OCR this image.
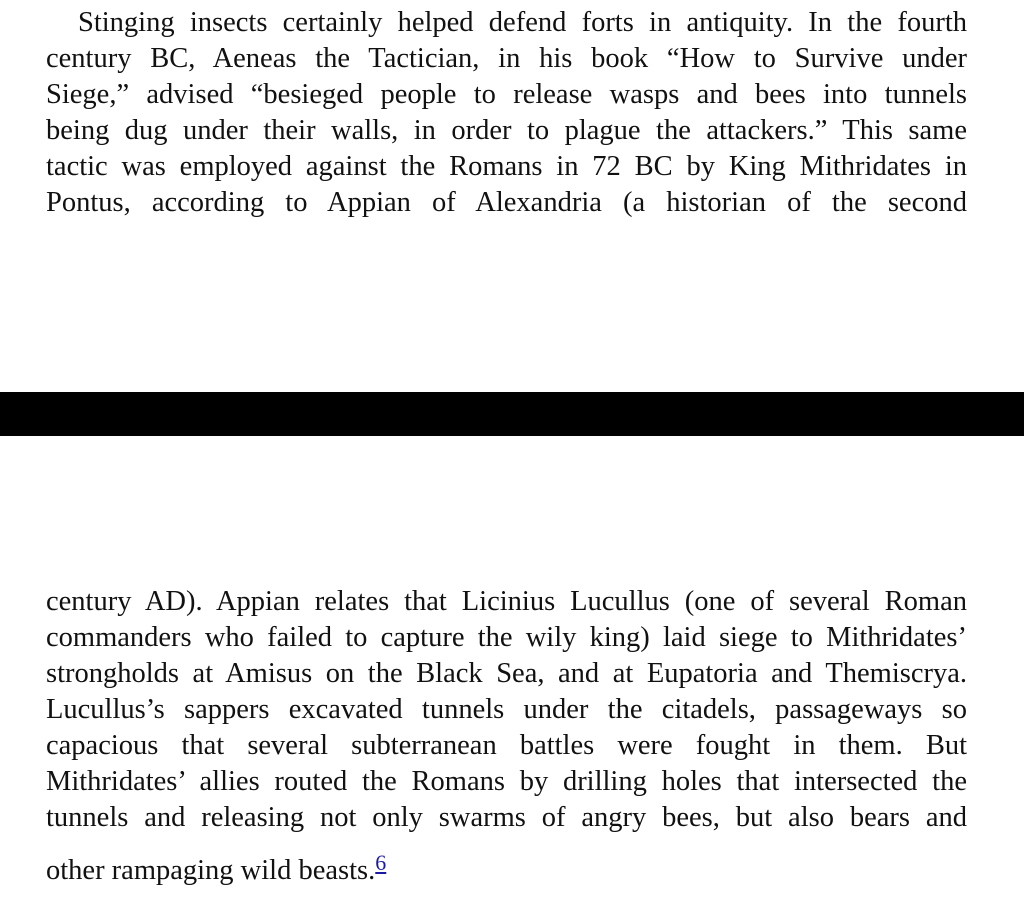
Stinging insects certainly helped defend forts in antiquity. In the fourth
century BC, Aeneas the Tactician, in his book “How to Survive under
Siege,” advised “besieged people to release wasps and bees into tunnels
being dug under their walls, in order to plague the attackers.” This same
tactic was employed against the Romans in 72 BC by King Mithridates in
Pontus, according to Appian of Alexandria (a historian of the second
century AD). Appian relates that Licinius Lucullus (one of several Roman
commanders who failed to capture the wily king) laid siege to Mithridates’
strongholds at Amisus on the Black Sea, and at Eupatoria and Themiscrya.
Lucullus’s sappers excavated tunnels under the citadels, passageways so
capacious that several subterranean battles were fought in them. But
Mithridates’ allies routed the Romans by drilling holes that intersected the
tunnels and releasing not only swarms of angry bees, but also bears and
other rampaging wild beasts.$^6$
